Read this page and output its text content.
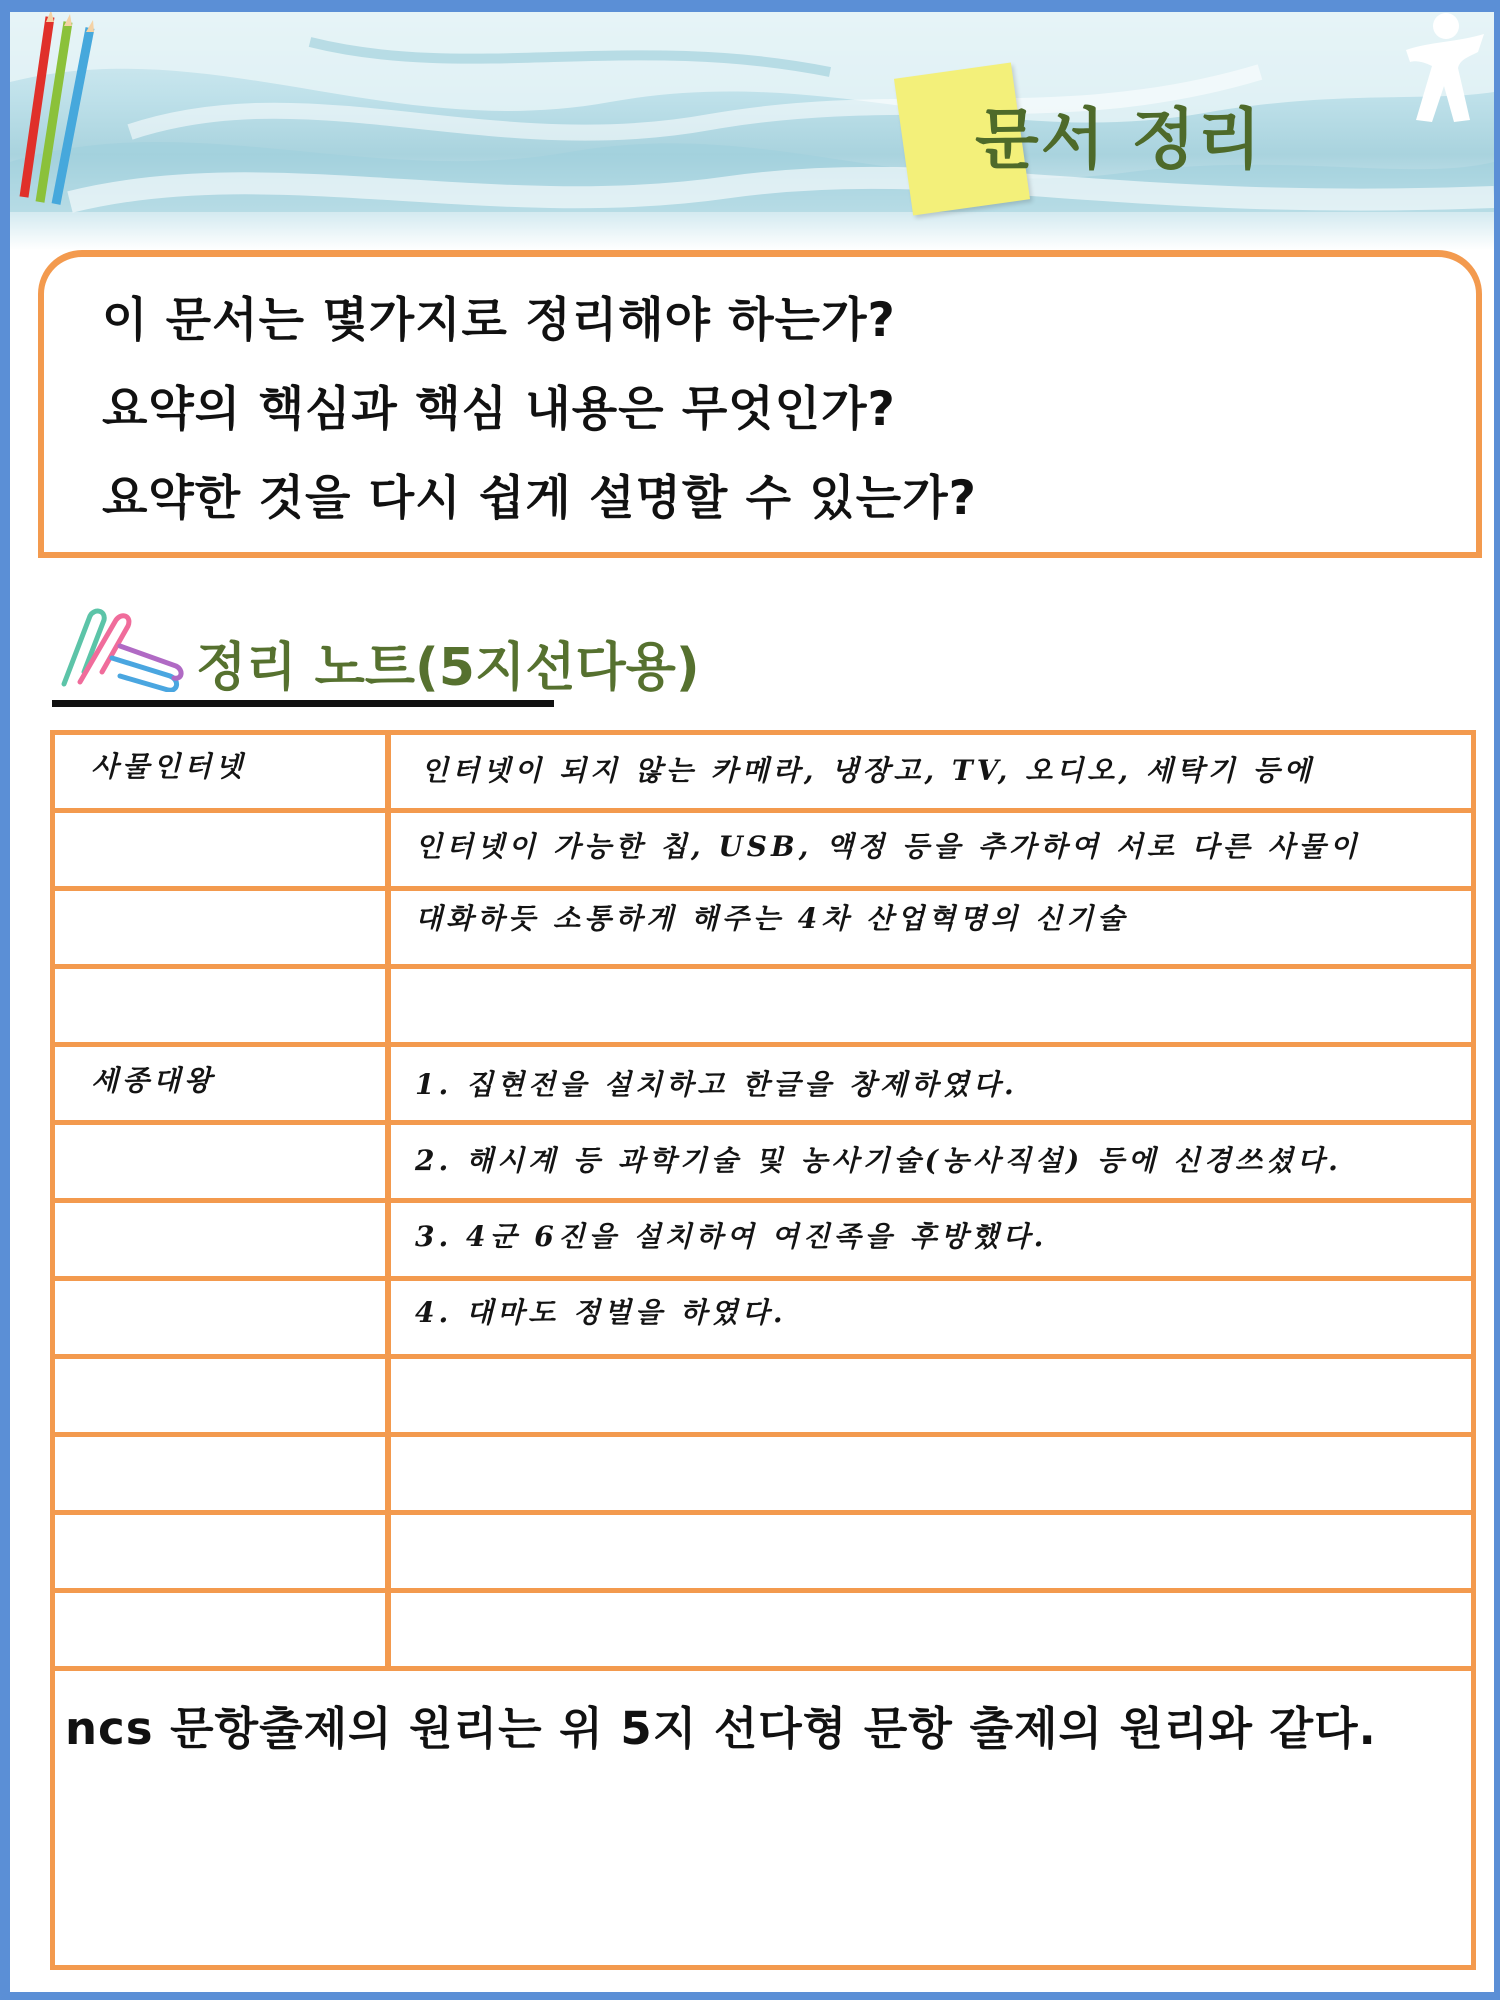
문서 정리
이 문서는 몇가지로 정리해야 하는가?
요약의 핵심과 핵심 내용은 무엇인가?
요약한 것을 다시 쉽게 설명할 수 있는가?
정리 노트(5지선다용)
사물인터넷	인터넷이 되지 않는 카메라, 냉장고, TV, 오디오, 세탁기 등에
인터넷이 가능한 칩, USB, 액정 등을 추가하여 서로 다른 사물이
대화하듯 소통하게 해주는 4차 산업혁명의 신기술
세종대왕	1. 집현전을 설치하고 한글을 창제하였다.
2. 해시계 등 과학기술 및 농사기술(농사직설) 등에 신경쓰셨다.
3. 4군 6진을 설치하여 여진족을 후방했다.
4. 대마도 정벌을 하였다.

ncs 문항출제의 원리는 위 5지 선다형 문항 출제의 원리와 같다.
